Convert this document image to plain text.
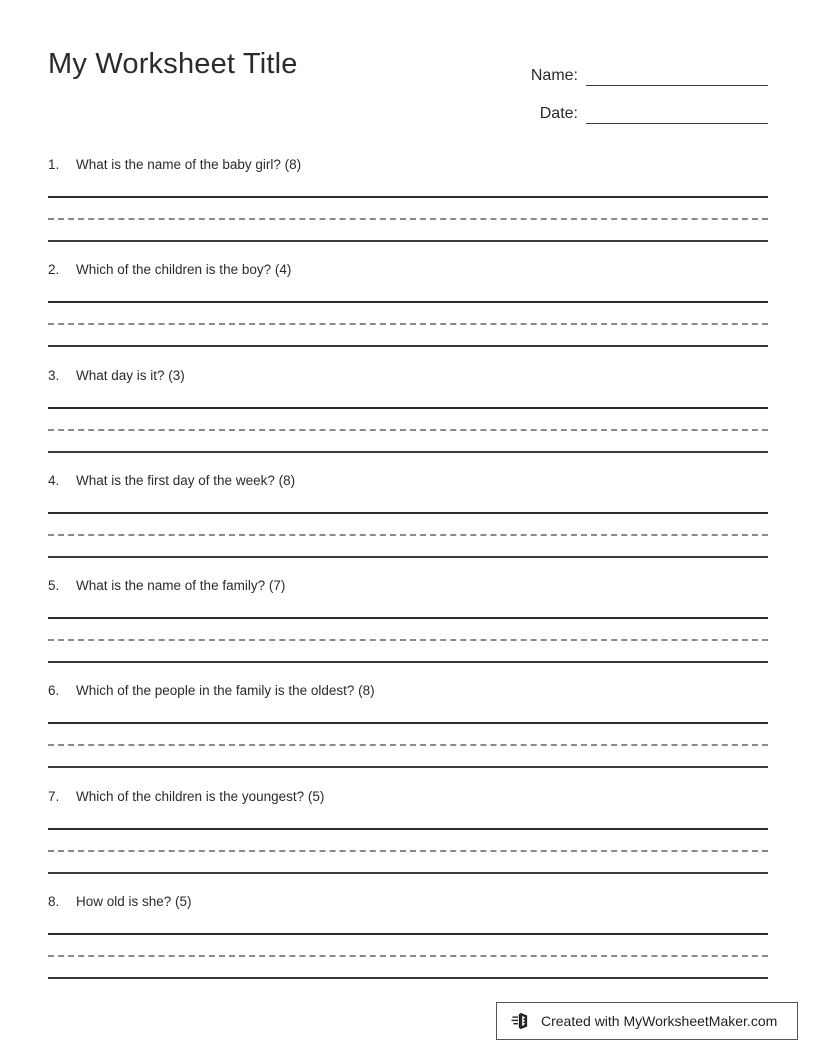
My Worksheet Title	Name:
Date:
1.	What is the name of the baby girl? (8)
2.	Which of the children is the boy? (4)
3.	What day is it? (3)
4.	What is the first day of the week? (8)
5.	What is the name of the family? (7)
6.	Which of the people in the family is the oldest? (8)
7.	Which of the children is the youngest? (5)
8.	How old is she? (5)
Created with MyWorksheetMaker.com
